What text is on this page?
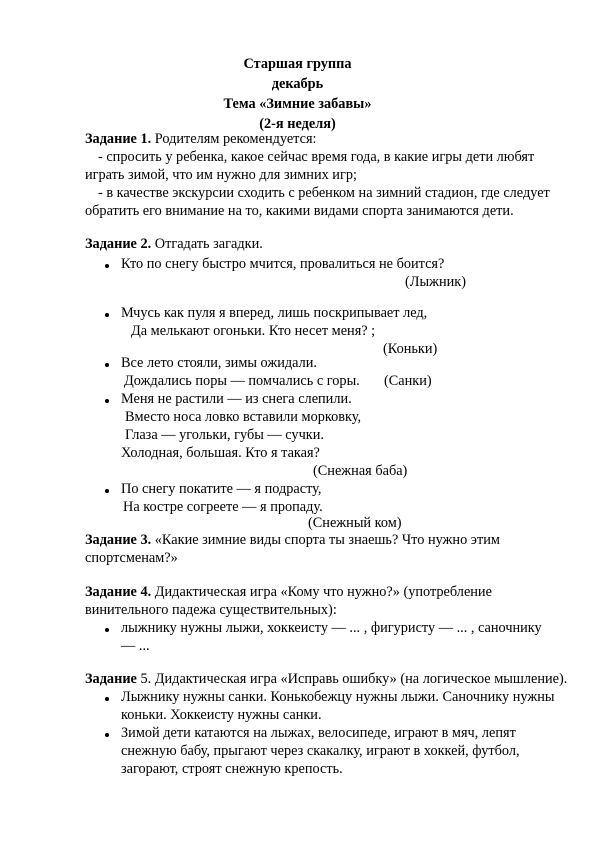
Старшая группа
декабрь
Тема «Зимние забавы»
(2-я неделя)
Задание 1. Родителям рекомендуется:
- спросить у ребенка, какое сейчас время года, в какие игры дети любят
играть зимой, что им нужно для зимних игр;
- в качестве экскурсии сходить с ребенком на зимний стадион, где следует
обратить его внимание на то, какими видами спорта занимаются дети.
Задание 2. Отгадать загадки.
Кто по снегу быстро мчится, провалиться не боится?
(Лыжник)
Мчусь как пуля я вперед, лишь поскрипывает лед,
Да мелькают огоньки. Кто несет меня? ;
(Коньки)
Все лето стояли, зимы ожидали.
Дождались поры — помчались с горы. (Санки)
Меня не растили — из снега слепили.
Вместо носа ловко вставили морковку,
Глаза — угольки, губы — сучки.
Холодная, большая. Кто я такая?
(Снежная баба)
По снегу покатите — я подрасту,
На костре согреете — я пропаду.
(Снежный ком)
Задание 3. «Какие зимние виды спорта ты знаешь? Что нужно этим
спортсменам?»
Задание 4. Дидактическая игра «Кому что нужно?» (употребление
винительного падежа существительных):
лыжнику нужны лыжи, хоккеисту — ... , фигуристу — ... , саночнику
— ...
Задание 5. Дидактическая игра «Исправь ошибку» (на логическое мышление).
Лыжнику нужны санки. Конькобежцу нужны лыжи. Саночнику нужны
коньки. Хоккеисту нужны санки.
Зимой дети катаются на лыжах, велосипеде, играют в мяч, лепят
снежную бабу, прыгают через скакалку, играют в хоккей, футбол,
загорают, строят снежную крепость.
